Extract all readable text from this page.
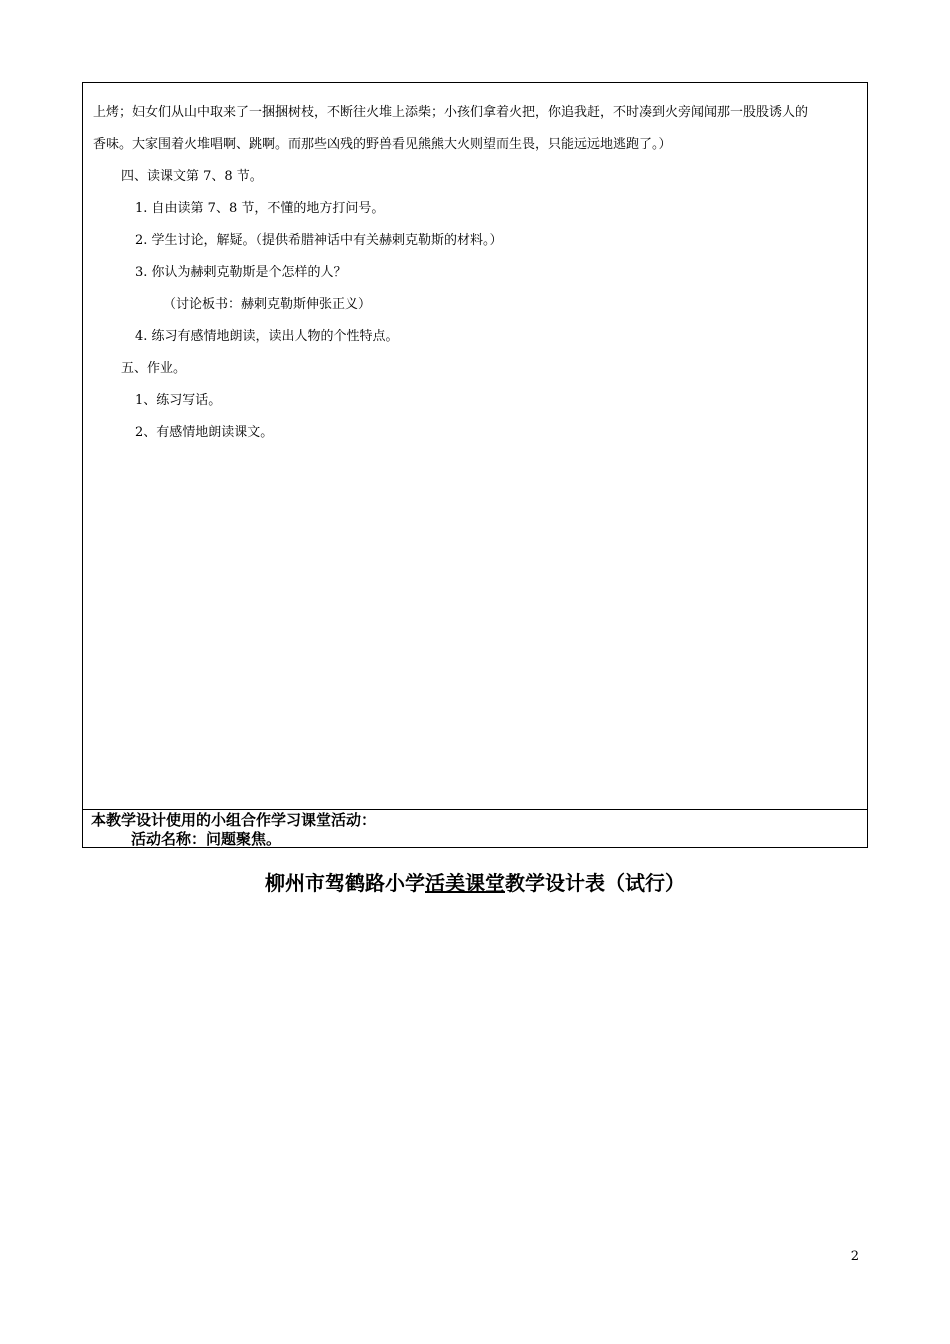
上烤；妇女们从山中取来了一捆捆树枝，不断往火堆上添柴；小孩们拿着火把，你追我赶，不时凑到火旁闻闻那一股股诱人的
香味。大家围着火堆唱啊、跳啊。而那些凶残的野兽看见熊熊大火则望而生畏，只能远远地逃跑了。）
四、读课文第 7、8 节。
1. 自由读第 7、8 节，不懂的地方打问号。
2. 学生讨论，解疑。（提供希腊神话中有关赫剌克勒斯的材料。）
3. 你认为赫剌克勒斯是个怎样的人？
（讨论板书：赫剌克勒斯伸张正义）
4. 练习有感情地朗读，读出人物的个性特点。
五、作业。
1、练习写话。
2、有感情地朗读课文。
本教学设计使用的小组合作学习课堂活动：
活动名称：问题聚焦。
柳州市驾鹤路小学活美课堂教学设计表（试行）
2
